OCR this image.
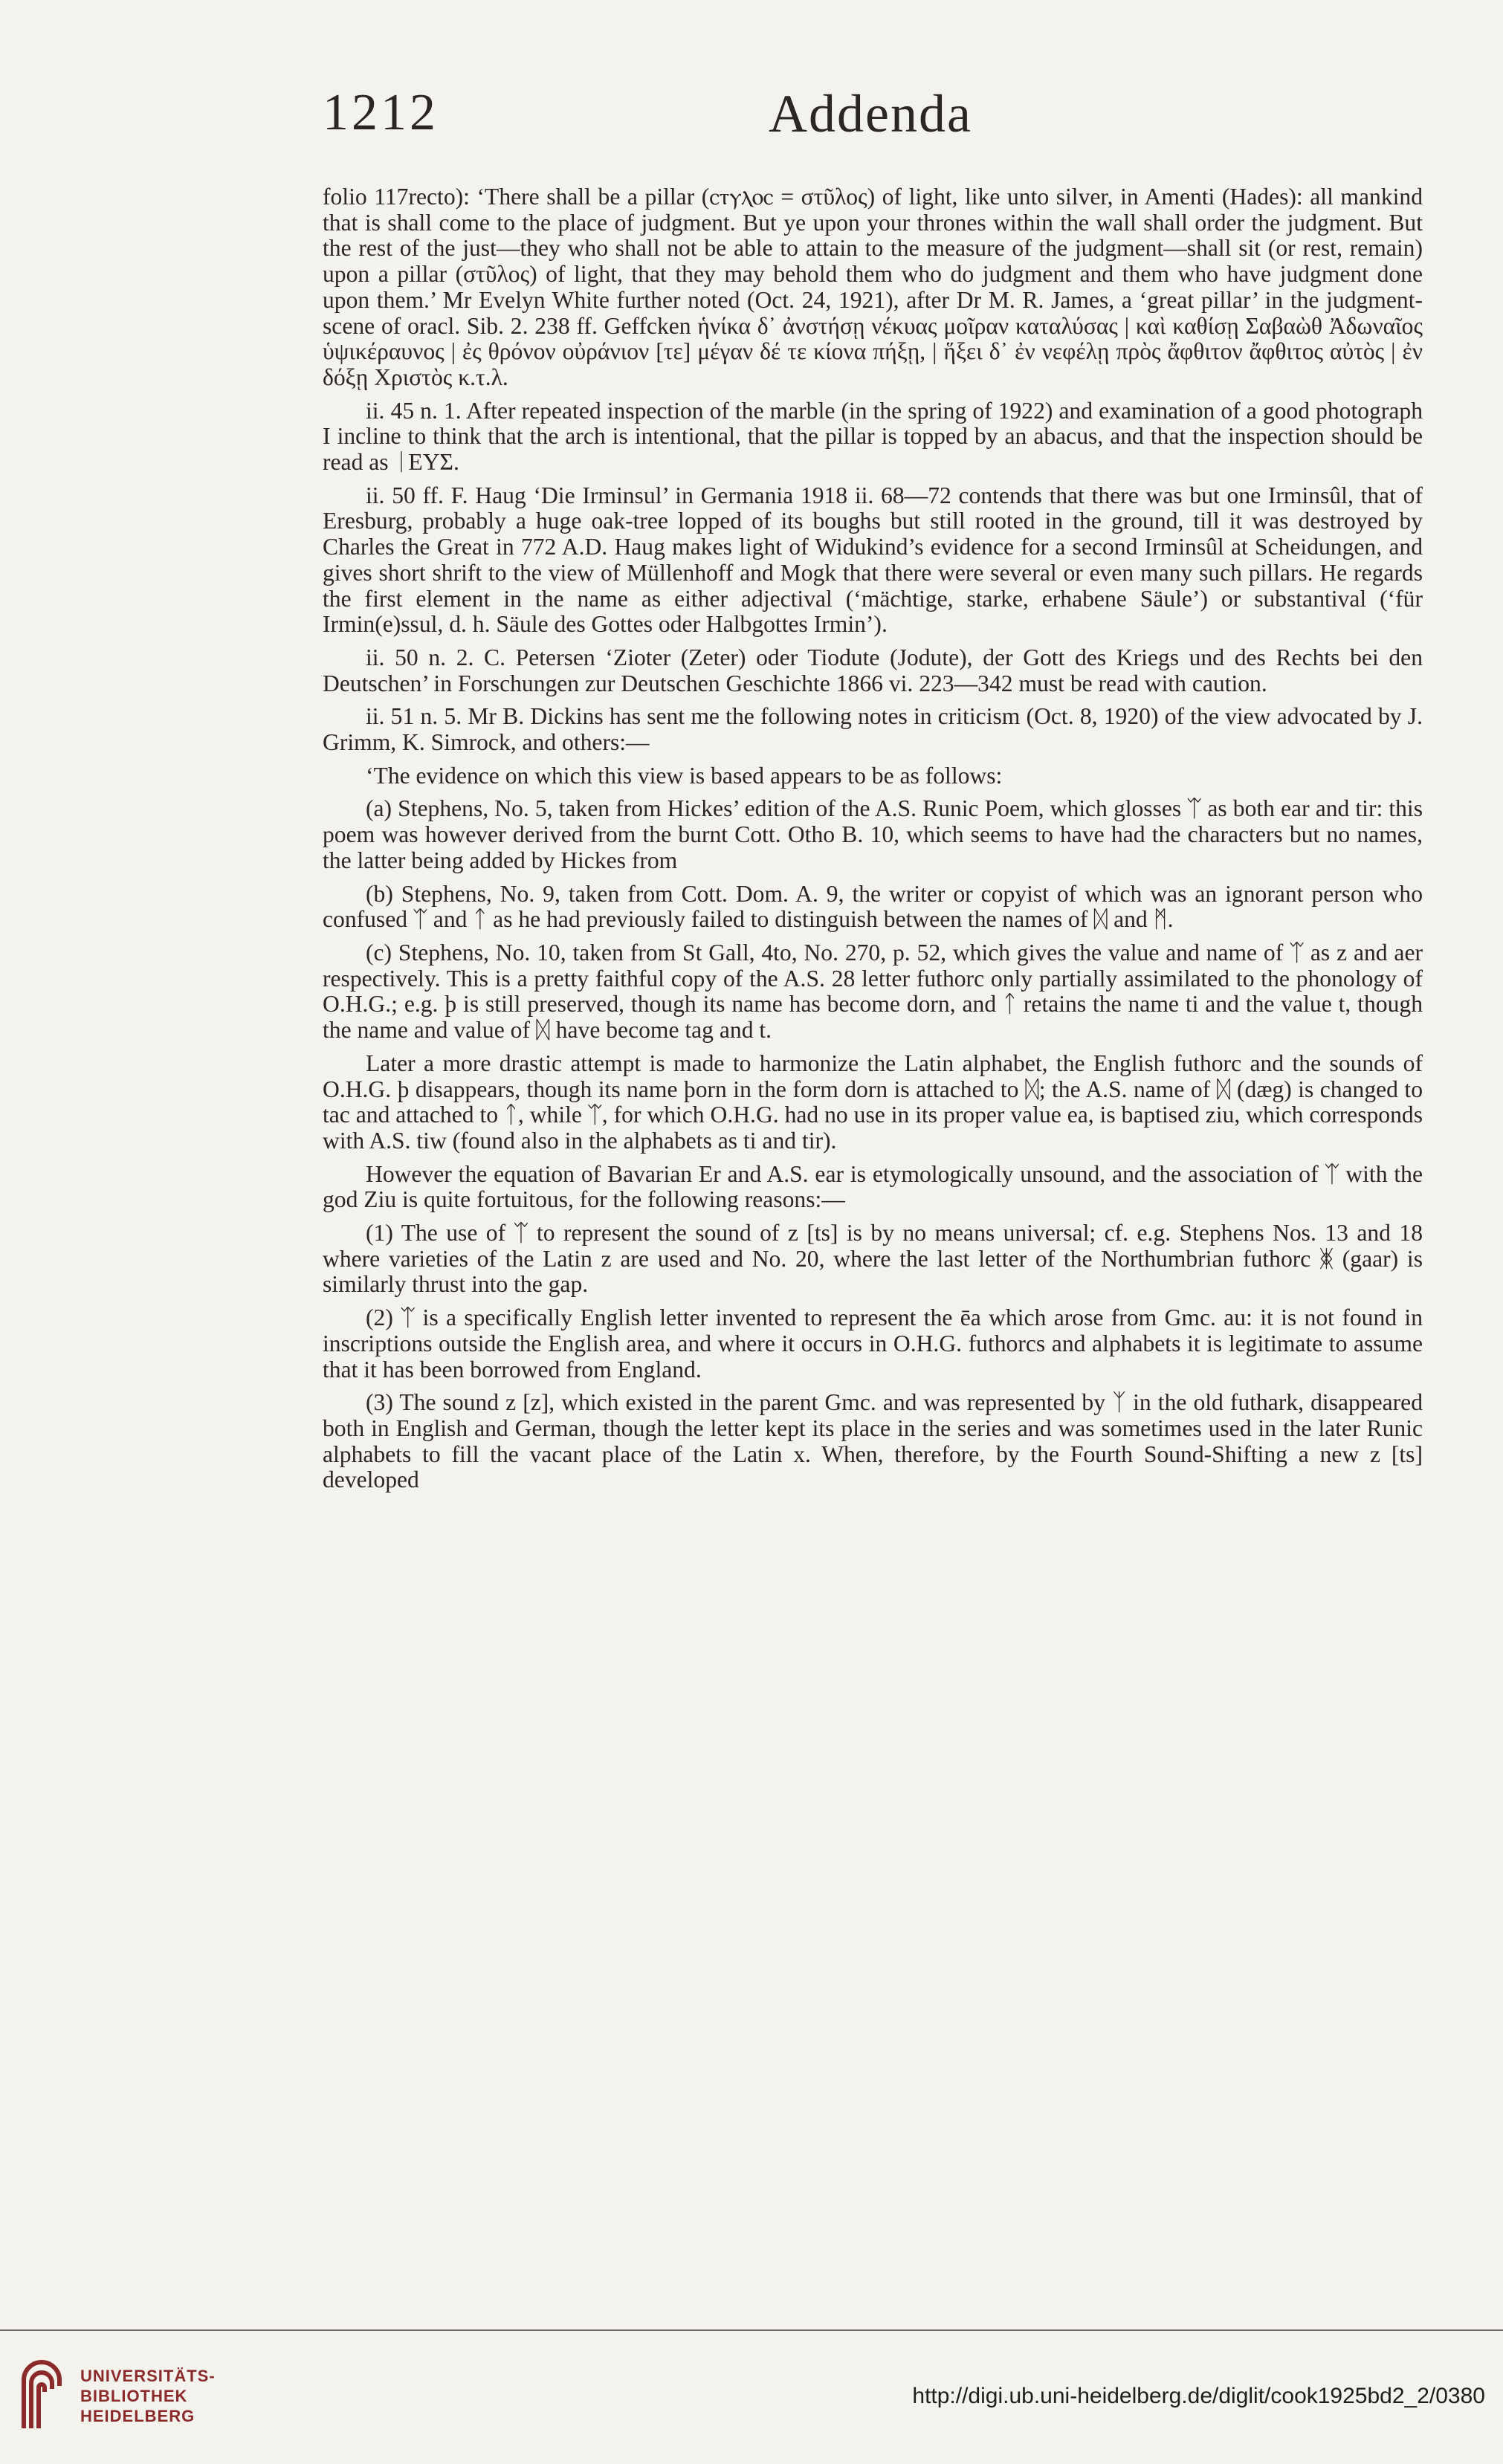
1212	Addenda

folio 117recto): ‘There shall be a pillar (ⲥⲧⲩⲗⲟⲥ = στῦλος) of light, like unto silver, in Amenti (Hades): all mankind that is shall come to the place of judgment. But ye upon your thrones within the wall shall order the judgment. But the rest of the just—they who shall not be able to attain to the measure of the judgment—shall sit (or rest, remain) upon a pillar (στῦλος) of light, that they may behold them who do judgment and them who have judgment done upon them.’ Mr Evelyn White further noted (Oct. 24, 1921), after Dr M. R. James, a ‘great pillar’ in the judgment-scene of oracl. Sib. 2. 238 ff. Geffcken ἡνίκα δ᾽ ἀνστήσῃ νέκυας μοῖραν καταλύσας | καὶ καθίσῃ Σαβαὼθ Ἀδωναῖος ὑψικέραυνος | ἐς θρόνον οὐράνιον [τε] μέγαν δέ τε κίονα πήξῃ, | ἥξει δ᾽ ἐν νεφέλῃ πρὸς ἄφθιτον ἄφθιτος αὐτὸς | ἐν δόξῃ Χριστὸς κ.τ.λ.

ii. 45 n. 1. After repeated inspection of the marble (in the spring of 1922) and examination of a good photograph I incline to think that the arch is intentional, that the pillar is topped by an abacus, and that the inspection should be read as ᛁΕΥΣ.

ii. 50 ff. F. Haug ‘Die Irminsul’ in Germania 1918 ii. 68—72 contends that there was but one Irminsûl, that of Eresburg, probably a huge oak-tree lopped of its boughs but still rooted in the ground, till it was destroyed by Charles the Great in 772 A.D. Haug makes light of Widukind’s evidence for a second Irminsûl at Scheidungen, and gives short shrift to the view of Müllenhoff and Mogk that there were several or even many such pillars. He regards the first element in the name as either adjectival (‘mächtige, starke, erhabene Säule’) or substantival (‘für Irmin(e)ssul, d. h. Säule des Gottes oder Halbgottes Irmin’).

ii. 50 n. 2. C. Petersen ‘Zioter (Zeter) oder Tiodute (Jodute), der Gott des Kriegs und des Rechts bei den Deutschen’ in Forschungen zur Deutschen Geschichte 1866 vi. 223—342 must be read with caution.

ii. 51 n. 5. Mr B. Dickins has sent me the following notes in criticism (Oct. 8, 1920) of the view advocated by J. Grimm, K. Simrock, and others:—

‘The evidence on which this view is based appears to be as follows:

(a) Stephens, No. 5, taken from Hickes’ edition of the A.S. Runic Poem, which glosses ᛠ as both ear and tir: this poem was however derived from the burnt Cott. Otho B. 10, which seems to have had the characters but no names, the latter being added by Hickes from

(b) Stephens, No. 9, taken from Cott. Dom. A. 9, the writer or copyist of which was an ignorant person who confused ᛠ and ᛏ as he had previously failed to distinguish between the names of ᛞ and ᛗ.

(c) Stephens, No. 10, taken from St Gall, 4to, No. 270, p. 52, which gives the value and name of ᛠ as z and aer respectively. This is a pretty faithful copy of the A.S. 28 letter futhorc only partially assimilated to the phonology of O.H.G.; e.g. þ is still preserved, though its name has become dorn, and ᛏ retains the name ti and the value t, though the name and value of ᛞ have become tag and t.

Later a more drastic attempt is made to harmonize the Latin alphabet, the English futhorc and the sounds of O.H.G. þ disappears, though its name þorn in the form dorn is attached to ᛞ; the A.S. name of ᛞ (dæg) is changed to tac and attached to ᛏ, while ᛠ, for which O.H.G. had no use in its proper value ea, is baptised ziu, which corresponds with A.S. tiw (found also in the alphabets as ti and tir).

However the equation of Bavarian Er and A.S. ear is etymologically unsound, and the association of ᛠ with the god Ziu is quite fortuitous, for the following reasons:—

(1) The use of ᛠ to represent the sound of z [ts] is by no means universal; cf. e.g. Stephens Nos. 13 and 18 where varieties of the Latin z are used and No. 20, where the last letter of the Northumbrian futhorc ᛤ (gaar) is similarly thrust into the gap.

(2) ᛠ is a specifically English letter invented to represent the ēa which arose from Gmc. au: it is not found in inscriptions outside the English area, and where it occurs in O.H.G. futhorcs and alphabets it is legitimate to assume that it has been borrowed from England.

(3) The sound z [z], which existed in the parent Gmc. and was represented by ᛉ in the old futhark, disappeared both in English and German, though the letter kept its place in the series and was sometimes used in the later Runic alphabets to fill the vacant place of the Latin x. When, therefore, by the Fourth Sound-Shifting a new z [ts] developed

UNIVERSITÄTS- BIBLIOTHEK HEIDELBERG
http://digi.ub.uni-heidelberg.de/diglit/cook1925bd2_2/0380
